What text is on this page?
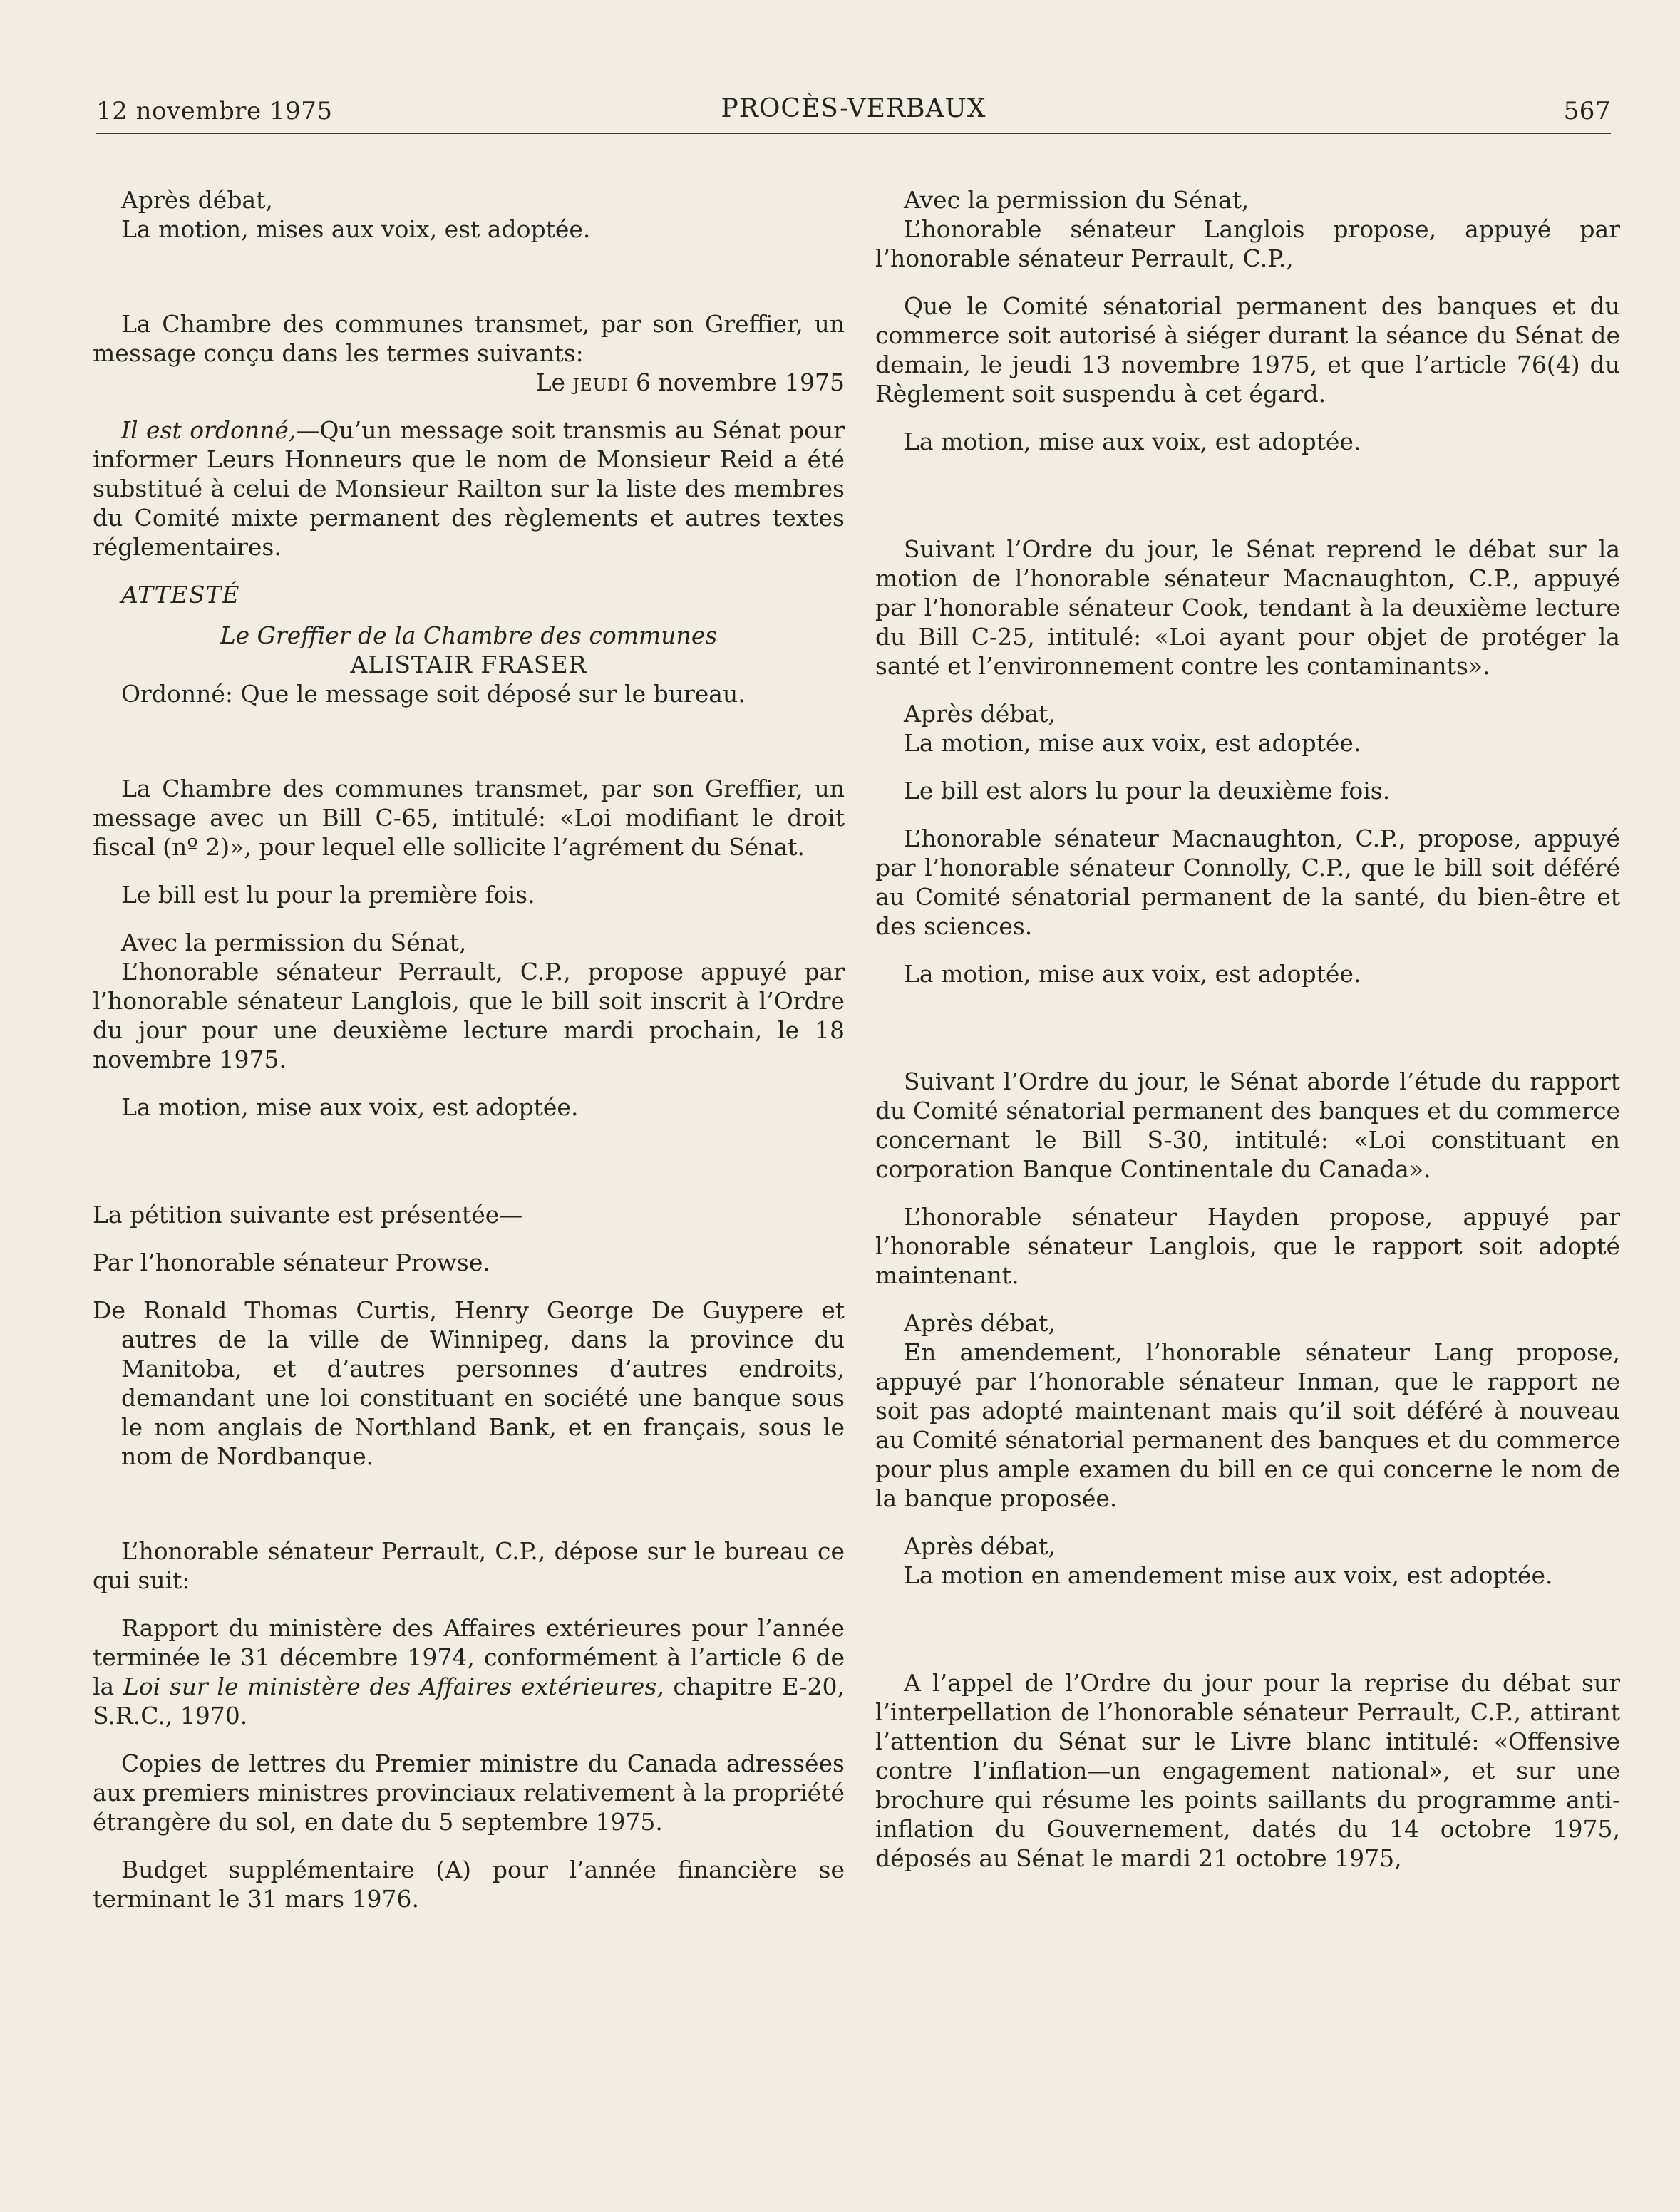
12 novembre 1975	PROCÈS-VERBAUX	567

Après débat,
La motion, mises aux voix, est adoptée.

La Chambre des communes transmet, par son Greffier, un message conçu dans les termes suivants:

Le jeudi 6 novembre 1975

Il est ordonné,—Qu’un message soit transmis au Sénat pour informer Leurs Honneurs que le nom de Monsieur Reid a été substitué à celui de Monsieur Railton sur la liste des membres du Comité mixte permanent des règlements et autres textes réglementaires.

ATTESTÉ

Le Greffier de la Chambre des communes

ALISTAIR FRASER

Ordonné: Que le message soit déposé sur le bureau.

La Chambre des communes transmet, par son Greffier, un message avec un Bill C-65, intitulé: «Loi modifiant le droit fiscal (nº 2)», pour lequel elle sollicite l’agrément du Sénat.

Le bill est lu pour la première fois.

Avec la permission du Sénat,

L’honorable sénateur Perrault, C.P., propose appuyé par l’honorable sénateur Langlois, que le bill soit inscrit à l’Ordre du jour pour une deuxième lecture mardi prochain, le 18 novembre 1975.

La motion, mise aux voix, est adoptée.

La pétition suivante est présentée—

Par l’honorable sénateur Prowse.

De Ronald Thomas Curtis, Henry George De Guypere et autres de la ville de Winnipeg, dans la province du Manitoba, et d’autres personnes d’autres endroits, demandant une loi constituant en société une banque sous le nom anglais de Northland Bank, et en français, sous le nom de Nordbanque.

L’honorable sénateur Perrault, C.P., dépose sur le bureau ce qui suit:

Rapport du ministère des Affaires extérieures pour l’année terminée le 31 décembre 1974, conformément à l’article 6 de la Loi sur le ministère des Affaires extérieures, chapitre E-20, S.R.C., 1970.

Copies de lettres du Premier ministre du Canada adressées aux premiers ministres provinciaux relativement à la propriété étrangère du sol, en date du 5 septembre 1975.

Budget supplémentaire (A) pour l’année financière se terminant le 31 mars 1976.

Avec la permission du Sénat,

L’honorable sénateur Langlois propose, appuyé par l’honorable sénateur Perrault, C.P.,

Que le Comité sénatorial permanent des banques et du commerce soit autorisé à siéger durant la séance du Sénat de demain, le jeudi 13 novembre 1975, et que l’article 76(4) du Règlement soit suspendu à cet égard.

La motion, mise aux voix, est adoptée.

Suivant l’Ordre du jour, le Sénat reprend le débat sur la motion de l’honorable sénateur Macnaughton, C.P., appuyé par l’honorable sénateur Cook, tendant à la deuxième lecture du Bill C-25, intitulé: «Loi ayant pour objet de protéger la santé et l’environnement contre les contaminants».

Après débat,
La motion, mise aux voix, est adoptée.

Le bill est alors lu pour la deuxième fois.

L’honorable sénateur Macnaughton, C.P., propose, appuyé par l’honorable sénateur Connolly, C.P., que le bill soit déféré au Comité sénatorial permanent de la santé, du bien-être et des sciences.

La motion, mise aux voix, est adoptée.

Suivant l’Ordre du jour, le Sénat aborde l’étude du rapport du Comité sénatorial permanent des banques et du commerce concernant le Bill S-30, intitulé: «Loi constituant en corporation Banque Continentale du Canada».

L’honorable sénateur Hayden propose, appuyé par l’honorable sénateur Langlois, que le rapport soit adopté maintenant.

Après débat,

En amendement, l’honorable sénateur Lang propose, appuyé par l’honorable sénateur Inman, que le rapport ne soit pas adopté maintenant mais qu’il soit déféré à nouveau au Comité sénatorial permanent des banques et du commerce pour plus ample examen du bill en ce qui concerne le nom de la banque proposée.

Après débat,
La motion en amendement mise aux voix, est adoptée.

A l’appel de l’Ordre du jour pour la reprise du débat sur l’interpellation de l’honorable sénateur Perrault, C.P., attirant l’attention du Sénat sur le Livre blanc intitulé: «Offensive contre l’inflation—un engagement national», et sur une brochure qui résume les points saillants du programme anti-inflation du Gouvernement, datés du 14 octobre 1975, déposés au Sénat le mardi 21 octobre 1975,
